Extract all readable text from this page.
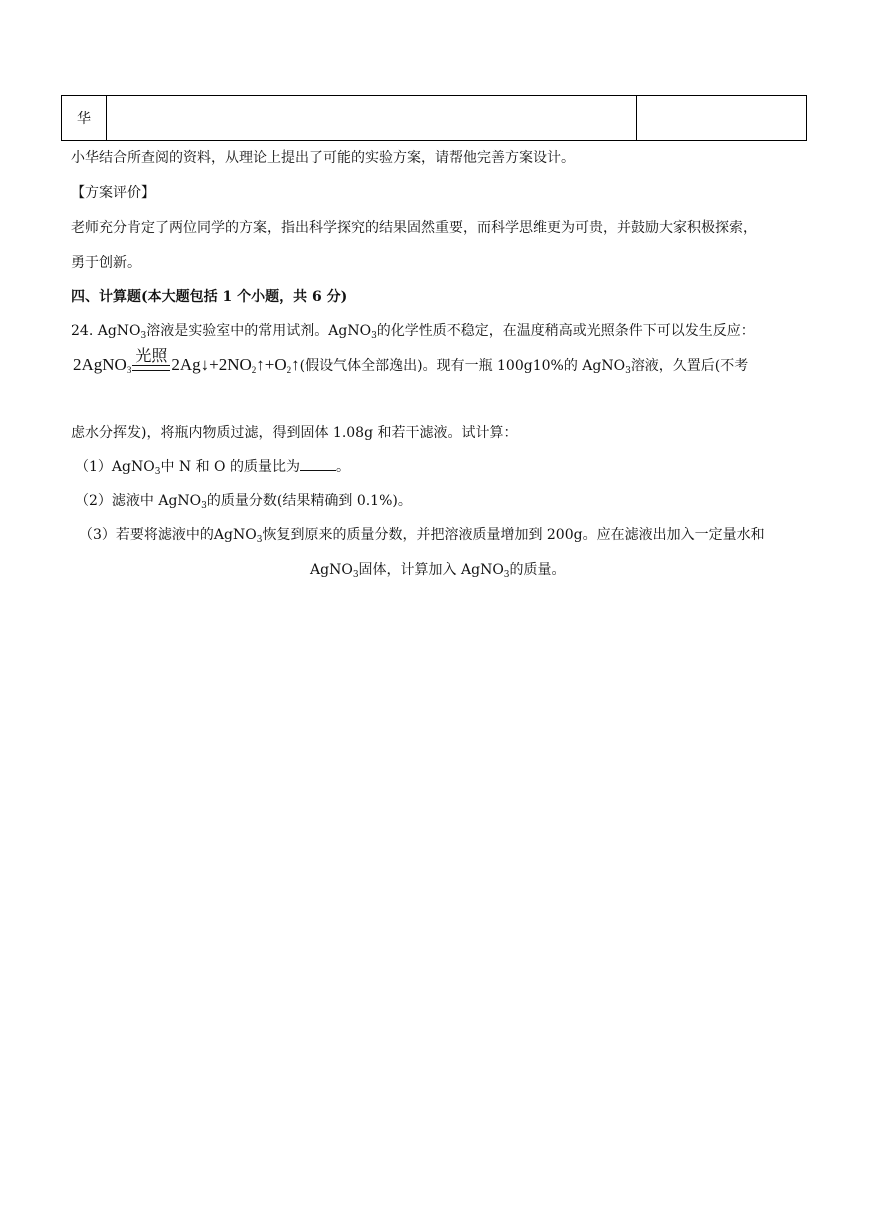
华		
小华结合所查阅的资料，从理论上提出了可能的实验方案，请帮他完善方案设计。
【方案评价】
老师充分肯定了两位同学的方案，指出科学探究的结果固然重要，而科学思维更为可贵，并鼓励大家积极探索，
勇于创新。
四、计算题(本大题包括 1 个小题，共 6 分)
24. AgNO$_3$溶液是实验室中的常用试剂。AgNO$_3$的化学性质不稳定，在温度稍高或光照条件下可以发生反应：
2AgNO$_3$
光照 $2Ag↓+2NO_2↑+O_2↑$(假设气体全部逸出)。现有一瓶 100g10%的 AgNO$_3$溶液，久置后(不考
虑水分挥发)，将瓶内物质过滤，得到固体 1.08g 和若干滤液。试计算：
（1）AgNO$_3$中 N 和 O 的质量比为	。
（2）滤液中 AgNO$_3$的质量分数(结果精确到 0.1%)。
（3）若要将滤液中的AgNO$_3$恢复到原来的质量分数，并把溶液质量增加到 200g。应在滤液出加入一定量水和
AgNO$_3$固体，计算加入 AgNO$_3$的质量。
